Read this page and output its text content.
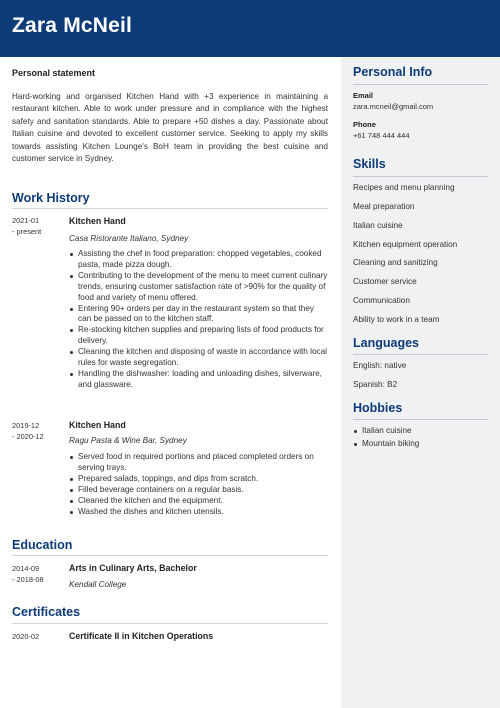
Zara McNeil
Personal statement
Hard-working and organised Kitchen Hand with +3 experience in maintaining a restaurant kitchen. Able to work under pressure and in compliance with the highest safety and sanitation standards. Able to prepare +50 dishes a day. Passionate about Italian cuisine and devoted to excellent customer service. Seeking to apply my skills towards assisting Kitchen Lounge's BoH team in providing the best cuisine and customer service in Sydney.
Work History
2021-01
- present
Kitchen Hand
Casa Ristorante Italiano, Sydney
Assisting the chef in food preparation: chopped vegetables, cooked pasta, made pizza dough.
Contributing to the development of the menu to meet current culinary trends, ensuring customer satisfaction rate of >90% for the quality of food and variety of menu offered.
Entering 90+ orders per day in the restaurant system so that they can be passed on to the kitchen staff.
Re-stocking kitchen supplies and preparing lists of food products for delivery.
Cleaning the kitchen and disposing of waste in accordance with local rules for waste segregation.
Handling the dishwasher: loading and unloading dishes, silverware, and glassware.
2019-12
- 2020-12
Kitchen Hand
Ragu Pasta & Wine Bar, Sydney
Served food in required portions and placed completed orders on serving trays.
Prepared salads, toppings, and dips from scratch.
Filled beverage containers on a regular basis.
Cleaned the kitchen and the equipment.
Washed the dishes and kitchen utensils.
Education
2014-09
- 2018-08
Arts in Culinary Arts, Bachelor
Kendall College
Certificates
2020-02	Certificate II in Kitchen Operations
Personal Info
Email
zara.mcneil@gmail.com
Phone
+61 748 444 444
Skills
Recipes and menu planning
Meal preparation
Italian cuisine
Kitchen equipment operation
Cleaning and sanitizing
Customer service
Communication
Ability to work in a team
Languages
English: native
Spanish: B2
Hobbies
Italian cuisine
Mountain biking
